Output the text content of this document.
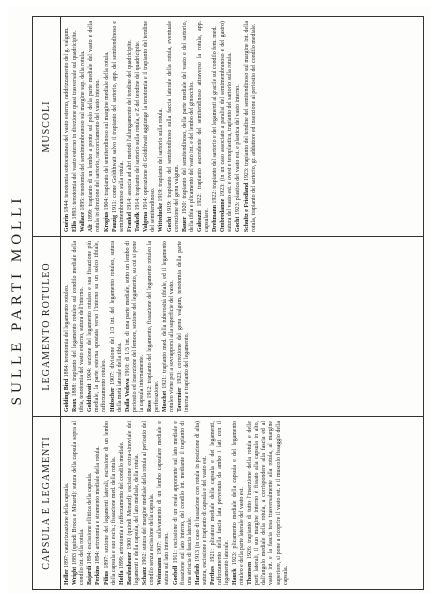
SULLE PARTI MOLLI
CAPSULA E LEGAMENTI

Heller 1897: cauterizzazione della capsula.

Wright 1883 (quindi Broca e Minard): sutura della capsula sopra al condilo int. della rotula. Bajardi 1894: escissione ellittica della capsula.

Perkins 1894: artrotomia e stramento mediale della rotula.

Pilius 1897: sezione dei legamenti laterali, escissione di un lembo della capsula e suo escis.; fissazione med. della rotula. Hoffa 1899: artrotomia e rafforzamento del condilo mediale. Bardenheuer 1900 (quindi Menard): escissione extra-sinoviale dei legamenti e della capsula, del lato mediale, della rotula. Schanz 1902: sutura del margine mediale della rotula al periostio del condilo senza escissione della capsula. Weinmann 1907: sollevamento di un lembo capsulare mediale e sutura sul lato interno. Goebell 1911: escissione di un ovale apponente sul lato mediale e fissazione sul lato interno, del condilo int. mediante il trapianto di una striscia di fascia laterale. Hartleib 1913 (in caso di lussazione con rotula in posizione di alta) sutura, escissione e trapianto di capsula e del vasto est. Perthes 1921: plicatura mediale della capsula e dei legamenti, rafforzamento della fascia lata pervenuta da ambo i lati con il legamento laterale. Hauck 1923: plicamento mediale della capsula e del legamento rotuleo e della parte laterale del vasto est. Thomsen 1926: trapianto di tutto l'inserzione della rotula e delle parti laterali, il suo margine interno è fissato alla capsula in alto, dall'angolo mediale della rotula, a corrispondere alla fascia ed al vasto int. e la fascia tesa trasversalmente alla rotula, al margine superiore, si pone a ricoprire il vasto est. e il muscolo fissaggio della capsula.

LEGAMENTO ROTULEO

Golding Bird 1884: tenotomia del legamento rotuleo.

Roux 1888: trapianto del legamento rotuleo sul condilo mediale della tibia, tenotomia del vasto esterno, sutura dell'interno. Goldthwait 1904: sezione del legamento rotuleo e sua fissazione più mediale, la parte esterna spostata verso l'interno su un solco tibiale, rafforzamento rotuleo. Hübscher 1907: divisione del 1/3 int. del legamento rotuleo, sutura della metà laterale della tibia. Dalla Vedova 1910: di 1/3 int. di una parte mediale, sotto un lembo di periostio ed inserzione del femore, sezione del legamento, su cui si pone la capsula internamente. Ross 1912: trapianto del legamento, fissazione del legamento rotuleo la perforazione. Moschet 1921: trapianto med. della tuberosità tibiale, ed il legamento rotuleo viene poi a sovrapporsi alla superficie del vasto. Tavernier 1923: correzione del genu valgum, tenotomia della parte interna e trapianto del legamento.

MUSCOLI

Guérin 1844: tenotomia sottocutanea del vasto esterno, raddrizzamento del g. valgum.

Ellis 1893: tenotomia del vasto esterno in direzione quasi trasversale sul quadricipite.

Wallace 1895: tenotomia del semimembranoso sul margine sup. della rotula.

Alt 1899: trapianto di un lembo a ponte sul polo della parte mediale del vasto e della rotula in direzione del sartorio, raccorciamento del vasto interno. Krogius 1904: trapianto del semitendinoso sul margine mediale della rotula.

Pauzig 1911: come Goldthwait salvo il trapianto del sartorio, app. del semitendinoso e semimembranoso sulla rotula. Frankel 1914: associa ad altri metodi l'allungamento del tendine del quadricipite.

Teukelk 1914: trapianto del sartorio sulla rotula, e Z del tendine del quadricipite.

Valgena 1914: operazione di Goldthwait aggiunge la tenotomia e il trapianto del tendine del semitendinoso. Witteducke 1919: trapianto del sartorio sulla rotula.

Gocht 1919: trapianto del semitendinoso sulla faccia laterale della rotula, eventuale correzione del genu valgum. Bauer 1920: trapianto del semitendinoso, della parte mediale del vasto e del sartorio, della tibia e plicamento del vasto int. e del lembo del ginocchio. Galeazzi 1922: trapianto ascendente del semitendinoso attraverso la rotula, app. capsulare. Drehmann 1922: trapianto del sartorio e dei legamenti al gracile sul condilo fem. med.

Ombredanne 1923: (in un caso associato a paralisi del semimembranoso e del gastro) sutura del vasto est. e ovest e tenoplastica, trapianto del sartorio sulla rotula. Gocht 1923: plastica del vasto est. e plastica del vasto interno. Schultz e Friedland 1923: trapianto del tendine del semitendinoso sul margine int. della rotula, trapianto del sartorio, gr. adduttore ed inserzione al periostio del condilo mediale.
